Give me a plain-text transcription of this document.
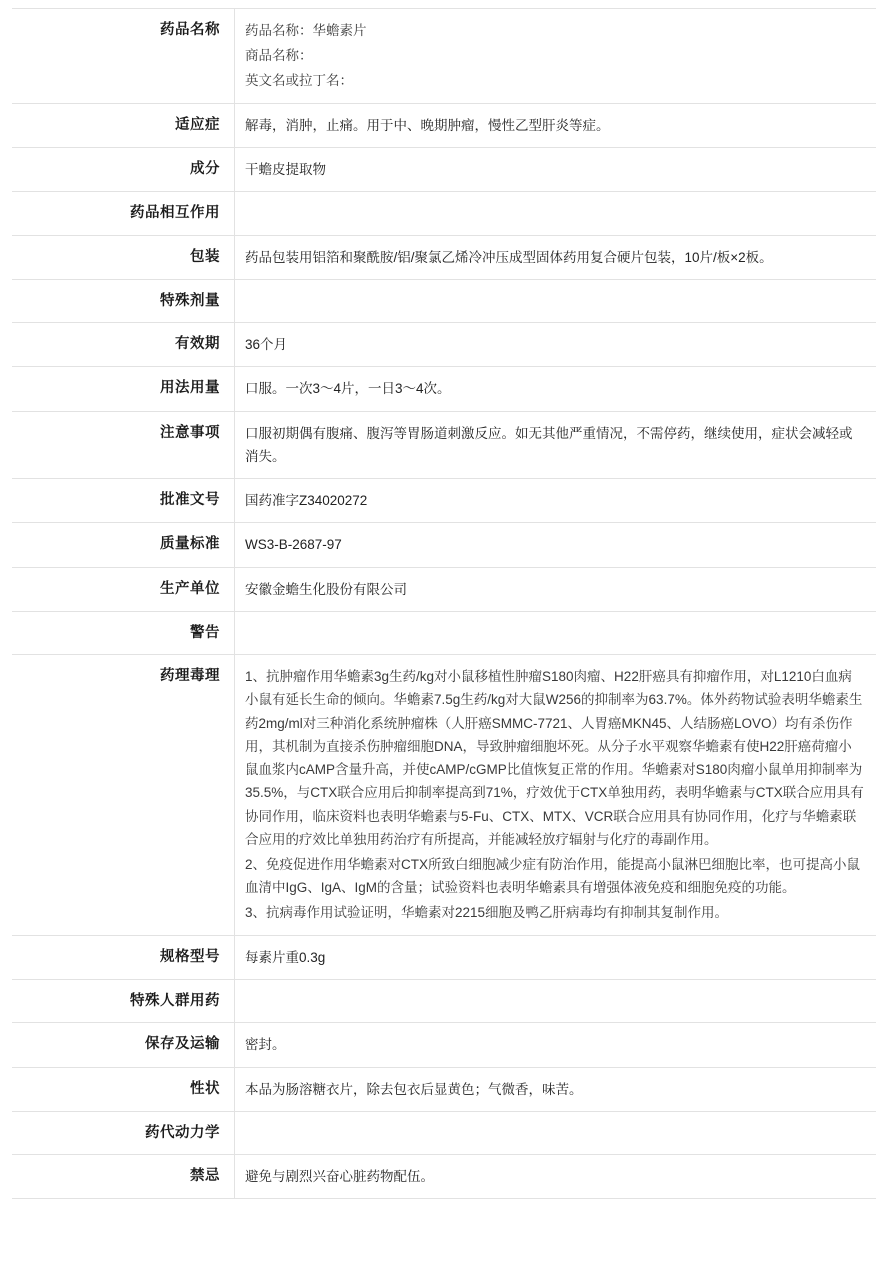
药品名称	药品名称：华蟾素片

商品名称：

英文名或拉丁名：

适应症	解毒，消肿，止痛。用于中、晚期肿瘤，慢性乙型肝炎等症。

成分	干蟾皮提取物

药品相互作用	

包装	药品包装用铝箔和聚酰胺/铝/聚氯乙烯冷冲压成型固体药用复合硬片包装，10片/板×2板。

特殊剂量	

有效期	36个月

用法用量	口服。一次3～4片，一日3～4次。

注意事项	口服初期偶有腹痛、腹泻等胃肠道刺激反应。如无其他严重情况，不需停药，继续使用，症状会减轻或消失。

批准文号	国药准字Z34020272

质量标准	WS3-B-2687-97

生产单位	安徽金蟾生化股份有限公司

警告	

药理毒理	1、抗肿瘤作用华蟾素3g生药/kg对小鼠移植性肿瘤S180肉瘤、H22肝癌具有抑瘤作用，对L1210白血病小鼠有延长生命的倾向。华蟾素7.5g生药/kg对大鼠W256的抑制率为63.7%。体外药物试验表明华蟾素生药2mg/ml对三种消化系统肿瘤株（人肝癌SMMC-7721、人胃癌MKN45、人结肠癌LOVO）均有杀伤作用，其机制为直接杀伤肿瘤细胞DNA，导致肿瘤细胞坏死。从分子水平观察华蟾素有使H22肝癌荷瘤小鼠血浆内cAMP含量升高，并使cAMP/cGMP比值恢复正常的作用。华蟾素对S180肉瘤小鼠单用抑制率为35.5%，与CTX联合应用后抑制率提高到71%，疗效优于CTX单独用药，表明华蟾素与CTX联合应用具有协同作用，临床资料也表明华蟾素与5-Fu、CTX、MTX、VCR联合应用具有协同作用，化疗与华蟾素联合应用的疗效比单独用药治疗有所提高，并能减轻放疗辐射与化疗的毒副作用。

2、免疫促进作用华蟾素对CTX所致白细胞减少症有防治作用，能提高小鼠淋巴细胞比率，也可提高小鼠血清中IgG、IgA、IgM的含量；试验资料也表明华蟾素具有增强体液免疫和细胞免疫的功能。

3、抗病毒作用试验证明，华蟾素对2215细胞及鸭乙肝病毒均有抑制其复制作用。

规格型号	每素片重0.3g

特殊人群用药	

保存及运输	密封。

性状	本品为肠溶糖衣片，除去包衣后显黄色；气微香，味苦。

药代动力学	

禁忌	避免与剧烈兴奋心脏药物配伍。
